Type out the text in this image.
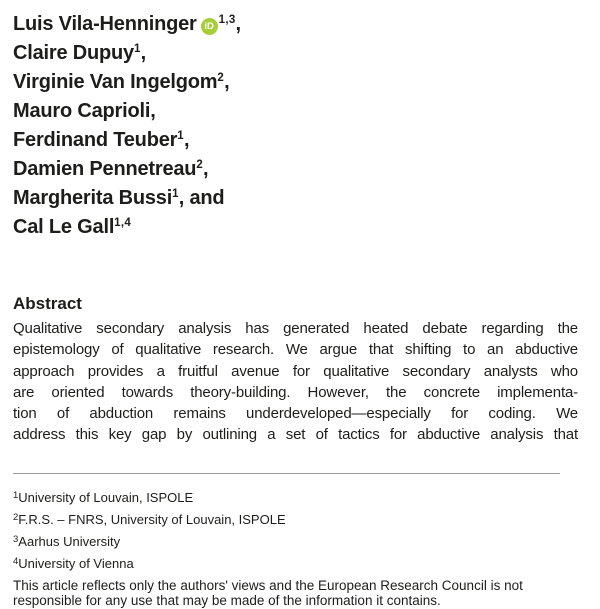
Luis Vila-Henninger iD$^{1,3}$,
Claire Dupuy$^1$,
Virginie Van Ingelgom$^2$,
Mauro Caprioli,
Ferdinand Teuber$^1$,
Damien Pennetreau$^2$,
Margherita Bussi$^1$, and
Cal Le Gall$^{1,4}$
Abstract
Qualitative secondary analysis has generated heated debate regarding the
epistemology of qualitative research. We argue that shifting to an abductive
approach provides a fruitful avenue for qualitative secondary analysts who
are oriented towards theory-building. However, the concrete implementa-
tion of abduction remains underdeveloped—especially for coding. We
address this key gap by outlining a set of tactics for abductive analysis that
$^1$University of Louvain, ISPOLE
$^2$F.R.S. – FNRS, University of Louvain, ISPOLE
$^3$Aarhus University
$^4$University of Vienna
This article reflects only the authors' views and the European Research Council is not
responsible for any use that may be made of the information it contains.
